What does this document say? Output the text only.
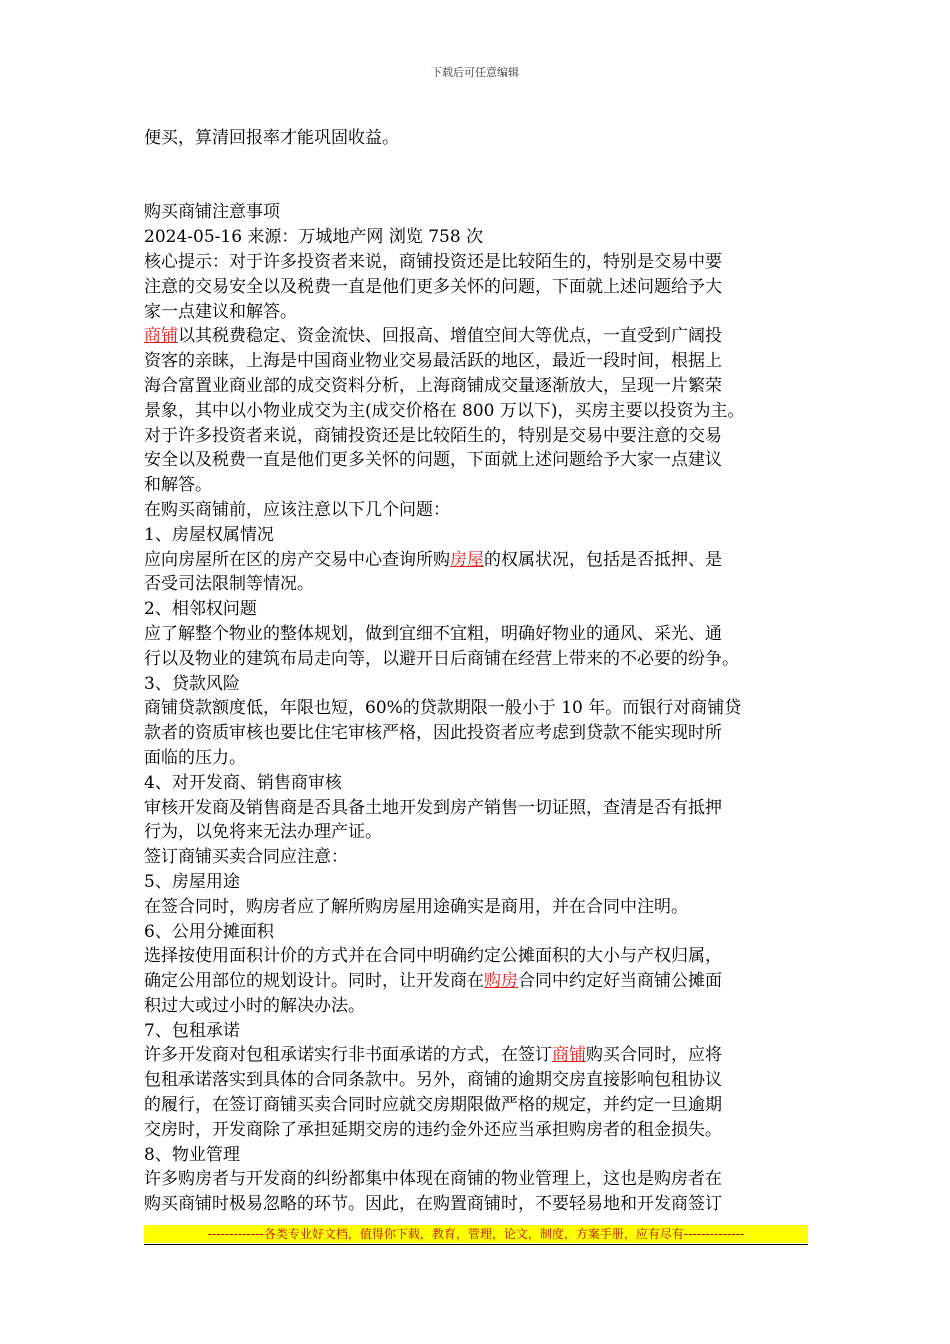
下载后可任意编辑
便买，算清回报率才能巩固收益。
购买商铺注意事项
2024-05-16 来源：万城地产网 浏览 758 次
核心提示：对于许多投资者来说，商铺投资还是比较陌生的，特别是交易中要
注意的交易安全以及税费一直是他们更多关怀的问题，下面就上述问题给予大
家一点建议和解答。
商铺以其税费稳定、资金流快、回报高、增值空间大等优点，一直受到广阔投
资客的亲睐，上海是中国商业物业交易最活跃的地区，最近一段时间，根据上
海合富置业商业部的成交资料分析，上海商铺成交量逐渐放大，呈现一片繁荣
景象，其中以小物业成交为主(成交价格在 800 万以下)，买房主要以投资为主。
对于许多投资者来说，商铺投资还是比较陌生的，特别是交易中要注意的交易
安全以及税费一直是他们更多关怀的问题，下面就上述问题给予大家一点建议
和解答。
在购买商铺前，应该注意以下几个问题：
1、房屋权属情况
应向房屋所在区的房产交易中心查询所购房屋的权属状况，包括是否抵押、是
否受司法限制等情况。
2、相邻权问题
应了解整个物业的整体规划，做到宜细不宜粗，明确好物业的通风、采光、通
行以及物业的建筑布局走向等，以避开日后商铺在经营上带来的不必要的纷争。
3、贷款风险
商铺贷款额度低，年限也短，60%的贷款期限一般小于 10 年。而银行对商铺贷
款者的资质审核也要比住宅审核严格，因此投资者应考虑到贷款不能实现时所
面临的压力。
4、对开发商、销售商审核
审核开发商及销售商是否具备土地开发到房产销售一切证照，查清是否有抵押
行为，以免将来无法办理产证。
签订商铺买卖合同应注意：
5、房屋用途
在签合同时，购房者应了解所购房屋用途确实是商用，并在合同中注明。
6、公用分摊面积
选择按使用面积计价的方式并在合同中明确约定公摊面积的大小与产权归属，
确定公用部位的规划设计。同时，让开发商在购房合同中约定好当商铺公摊面
积过大或过小时的解决办法。
7、包租承诺
许多开发商对包租承诺实行非书面承诺的方式，在签订商铺购买合同时，应将
包租承诺落实到具体的合同条款中。另外，商铺的逾期交房直接影响包租协议
的履行，在签订商铺买卖合同时应就交房期限做严格的规定，并约定一旦逾期
交房时，开发商除了承担延期交房的违约金外还应当承担购房者的租金损失。
8、物业管理
许多购房者与开发商的纠纷都集中体现在商铺的物业管理上，这也是购房者在
购买商铺时极易忽略的环节。因此，在购置商铺时，不要轻易地和开发商签订
-------------各类专业好文档，值得你下载，教育，管理，论文，制度，方案手册，应有尽有--------------
